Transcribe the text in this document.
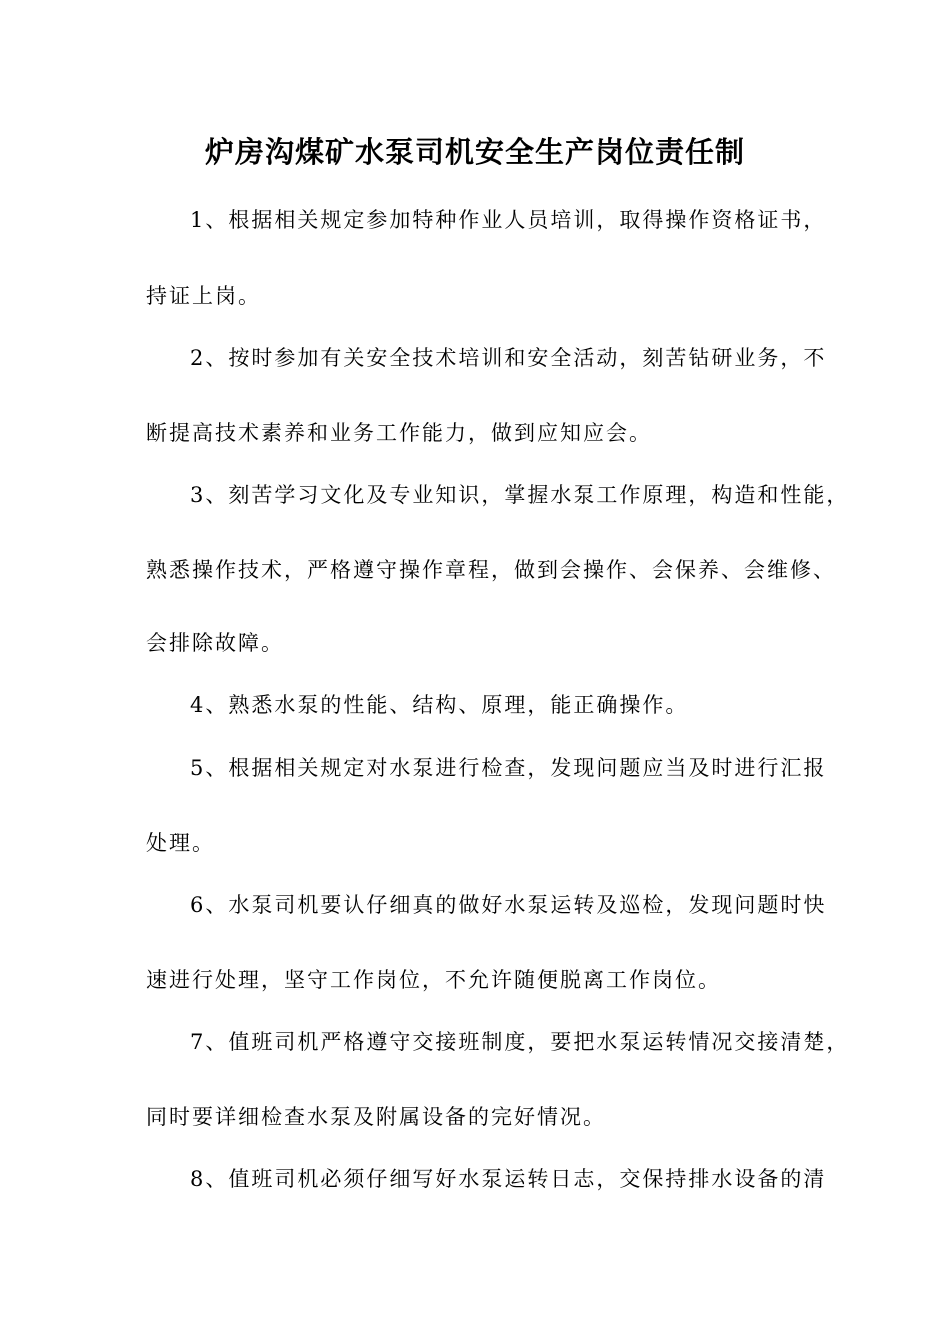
炉房沟煤矿水泵司机安全生产岗位责任制
1、根据相关规定参加特种作业人员培训，取得操作资格证书，
持证上岗。
2、按时参加有关安全技术培训和安全活动，刻苦钻研业务，不
断提高技术素养和业务工作能力，做到应知应会。
3、刻苦学习文化及专业知识，掌握水泵工作原理，构造和性能，
熟悉操作技术，严格遵守操作章程，做到会操作、会保养、会维修、
会排除故障。
4、熟悉水泵的性能、结构、原理，能正确操作。
5、根据相关规定对水泵进行检查，发现问题应当及时进行汇报
处理。
6、水泵司机要认仔细真的做好水泵运转及巡检，发现问题时快
速进行处理，坚守工作岗位，不允许随便脱离工作岗位。
7、值班司机严格遵守交接班制度，要把水泵运转情况交接清楚，
同时要详细检查水泵及附属设备的完好情况。
8、值班司机必须仔细写好水泵运转日志，交保持排水设备的清
